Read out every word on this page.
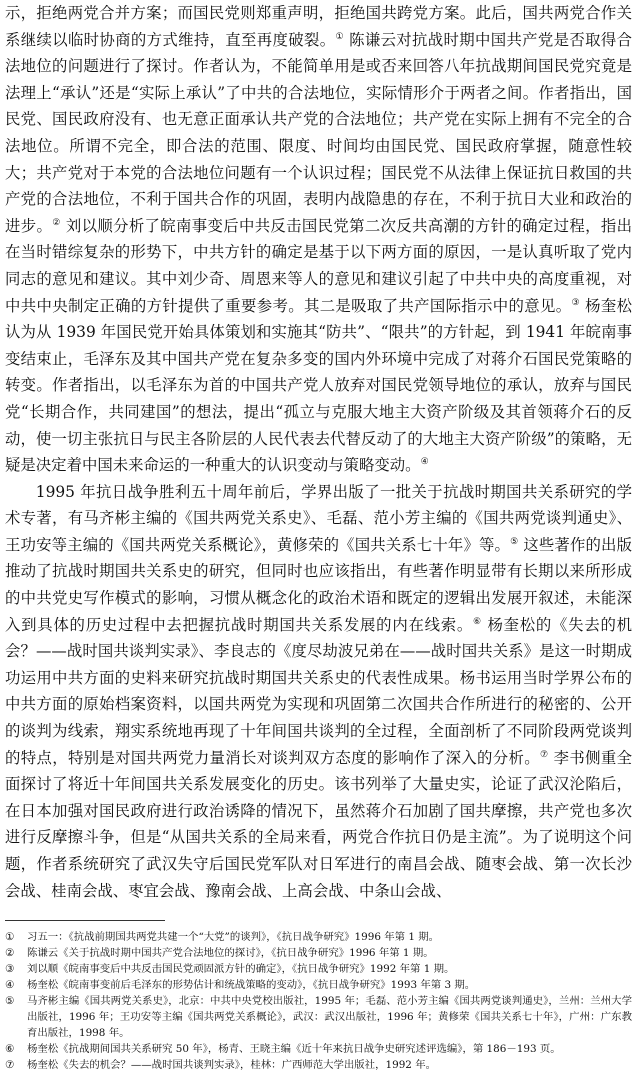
示，拒绝两党合并方案；而国民党则郑重声明，拒绝国共跨党方案。此后，国共两党合作关系继续以临时协商的方式维持，直至再度破裂。① 陈谦云对抗战时期中国共产党是否取得合法地位的问题进行了探讨。作者认为，不能简单用是或否来回答八年抗战期间国民党究竟是法理上“承认”还是“实际上承认”了中共的合法地位，实际情形介于两者之间。作者指出，国民党、国民政府没有、也无意正面承认共产党的合法地位；共产党在实际上拥有不完全的合法地位。所谓不完全，即合法的范围、限度、时间均由国民党、国民政府掌握，随意性较大；共产党对于本党的合法地位问题有一个认识过程；国民党不从法律上保证抗日救国的共产党的合法地位，不利于国共合作的巩固，表明内战隐患的存在，不利于抗日大业和政治的进步。② 刘以顺分析了皖南事变后中共反击国民党第二次反共高潮的方针的确定过程，指出在当时错综复杂的形势下，中共方针的确定是基于以下两方面的原因，一是认真听取了党内同志的意见和建议。其中刘少奇、周恩来等人的意见和建议引起了中共中央的高度重视，对中共中央制定正确的方针提供了重要参考。其二是吸取了共产国际指示中的意见。③ 杨奎松认为从 1939 年国民党开始具体策划和实施其“防共”、“限共”的方针起，到 1941 年皖南事变结束止，毛泽东及其中国共产党在复杂多变的国内外环境中完成了对蒋介石国民党策略的转变。作者指出，以毛泽东为首的中国共产党人放弃对国民党领导地位的承认，放弃与国民党“长期合作，共同建国”的想法，提出“孤立与克服大地主大资产阶级及其首领蒋介石的反动，使一切主张抗日与民主各阶层的人民代表去代替反动了的大地主大资产阶级”的策略，无疑是决定着中国未来命运的一种重大的认识变动与策略变动。④

1995 年抗日战争胜利五十周年前后，学界出版了一批关于抗战时期国共关系研究的学术专著，有马齐彬主编的《国共两党关系史》、毛磊、范小芳主编的《国共两党谈判通史》、王功安等主编的《国共两党关系概论》，黄修荣的《国共关系七十年》等。⑤ 这些著作的出版推动了抗战时期国共关系史的研究，但同时也应该指出，有些著作明显带有长期以来所形成的中共党史写作模式的影响，习惯从概念化的政治术语和既定的逻辑出发展开叙述，未能深入到具体的历史过程中去把握抗战时期国共关系发展的内在线索。⑥ 杨奎松的《失去的机会？——战时国共谈判实录》、李良志的《度尽劫波兄弟在——战时国共关系》是这一时期成功运用中共方面的史料来研究抗战时期国共关系史的代表性成果。杨书运用当时学界公布的中共方面的原始档案资料，以国共两党为实现和巩固第二次国共合作所进行的秘密的、公开的谈判为线索，翔实系统地再现了十年间国共谈判的全过程，全面剖析了不同阶段两党谈判的特点，特别是对国共两党力量消长对谈判双方态度的影响作了深入的分析。⑦ 李书侧重全面探讨了将近十年间国共关系发展变化的历史。该书列举了大量史实，论证了武汉沦陷后，在日本加强对国民政府进行政治诱降的情况下，虽然蒋介石加剧了国共摩擦，共产党也多次进行反摩擦斗争，但是“从国共关系的全局来看，两党合作抗日仍是主流”。为了说明这个问题，作者系统研究了武汉失守后国民党军队对日军进行的南昌会战、随枣会战、第一次长沙会战、桂南会战、枣宜会战、豫南会战、上高会战、中条山会战、

①	习五一：《抗战前期国共两党共建一个“大党”的谈判》，《抗日战争研究》1996 年第 1 期。
②	陈谦云《关于抗战时期中国共产党合法地位的探讨》，《抗日战争研究》1996 年第 1 期。
③	刘以顺《皖南事变后中共反击国民党顽固派方针的确定》，《抗日战争研究》1992 年第 1 期。
④	杨奎松《皖南事变前后毛泽东的形势估计和统战策略的变动》，《抗日战争研究》1993 年第 3 期。
⑤	马齐彬主编《国共两党关系史》，北京：中共中央党校出版社，1995 年；毛磊、范小芳主编《国共两党谈判通史》，兰州：兰州大学出版社，1996 年；王功安等主编《国共两党关系概论》，武汉：武汉出版社，1996 年；黄修荣《国共关系七十年》，广州：广东教育出版社，1998 年。
⑥	杨奎松《抗战期间国共关系研究 50 年》，杨青、王晓主编《近十年来抗日战争史研究述评选编》，第 186－193 页。
⑦	杨奎松《失去的机会？——战时国共谈判实录》，桂林：广西师范大学出版社，1992 年。
